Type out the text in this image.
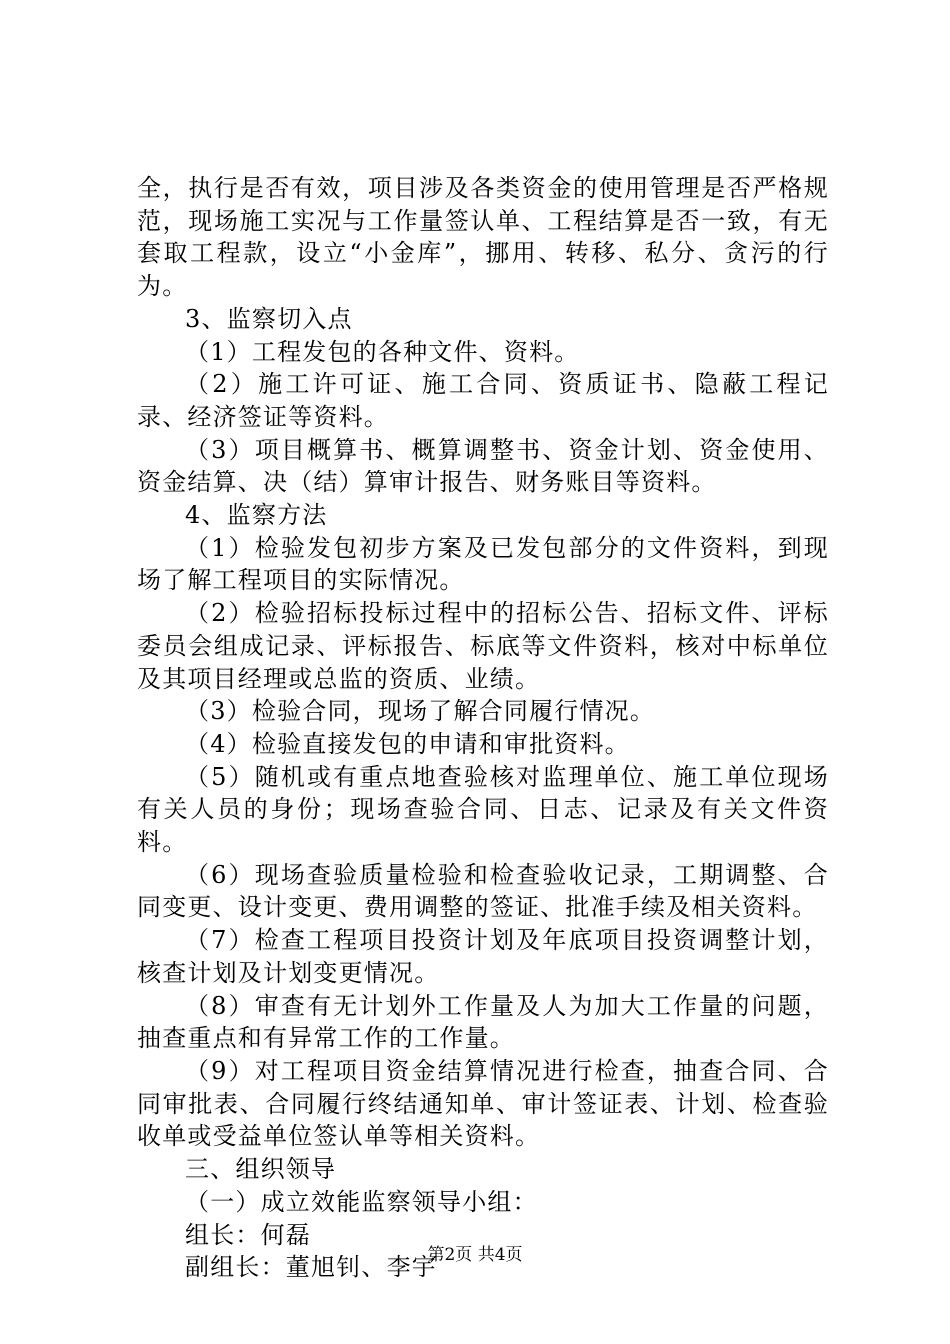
全，执行是否有效，项目涉及各类资金的使用管理是否严格规范，现场施工实况与工作量签认单、工程结算是否一致，有无套取工程款，设立“小金库”，挪用、转移、私分、贪污的行为。

3、监察切入点

（1）工程发包的各种文件、资料。

（2）施工许可证、施工合同、资质证书、隐蔽工程记录、经济签证等资料。

（3）项目概算书、概算调整书、资金计划、资金使用、资金结算、决（结）算审计报告、财务账目等资料。

4、监察方法

（1）检验发包初步方案及已发包部分的文件资料，到现场了解工程项目的实际情况。

（2）检验招标投标过程中的招标公告、招标文件、评标委员会组成记录、评标报告、标底等文件资料，核对中标单位及其项目经理或总监的资质、业绩。

（3）检验合同，现场了解合同履行情况。

（4）检验直接发包的申请和审批资料。

（5）随机或有重点地查验核对监理单位、施工单位现场有关人员的身份；现场查验合同、日志、记录及有关文件资料。

（6）现场查验质量检验和检查验收记录，工期调整、合同变更、设计变更、费用调整的签证、批准手续及相关资料。

（7）检查工程项目投资计划及年底项目投资调整计划，核查计划及计划变更情况。

（8）审查有无计划外工作量及人为加大工作量的问题，抽查重点和有异常工作的工作量。

（9）对工程项目资金结算情况进行检查，抽查合同、合同审批表、合同履行终结通知单、审计签证表、计划、检查验收单或受益单位签认单等相关资料。

三、组织领导

（一）成立效能监察领导小组：

组长：何磊

副组长：董旭钊、李宇

第2页 共4页
